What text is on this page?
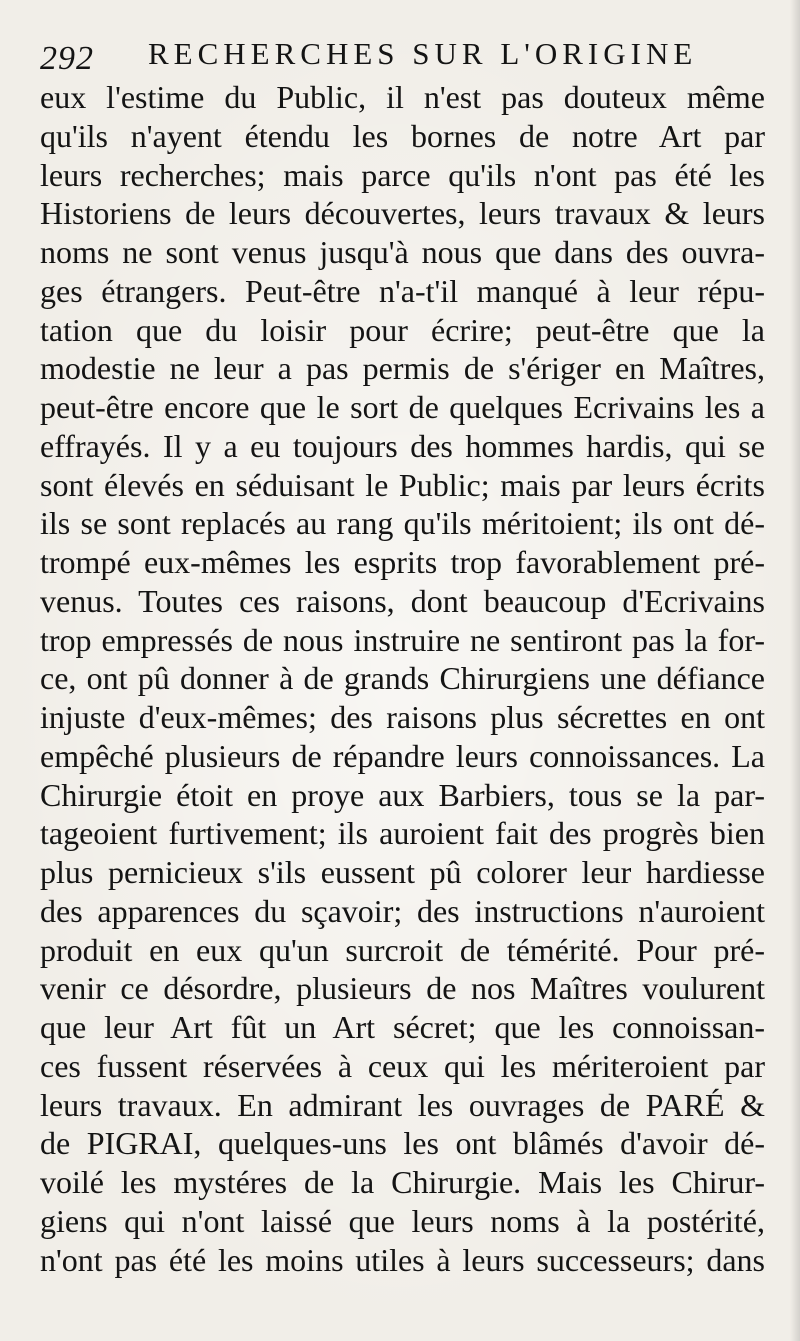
292 RECHERCHES SUR L'ORIGINE
eux l'estime du Public, il n'est pas douteux même
qu'ils n'ayent étendu les bornes de notre Art par
leurs recherches; mais parce qu'ils n'ont pas été les
Historiens de leurs découvertes, leurs travaux & leurs
noms ne sont venus jusqu'à nous que dans des ouvra-
ges étrangers. Peut-être n'a-t'il manqué à leur répu-
tation que du loisir pour écrire; peut-être que la
modestie ne leur a pas permis de s'ériger en Maîtres,
peut-être encore que le sort de quelques Ecrivains les a
effrayés. Il y a eu toujours des hommes hardis, qui se
sont élevés en séduisant le Public; mais par leurs écrits
ils se sont replacés au rang qu'ils méritoient; ils ont dé-
trompé eux-mêmes les esprits trop favorablement pré-
venus. Toutes ces raisons, dont beaucoup d'Ecrivains
trop empressés de nous instruire ne sentiront pas la for-
ce, ont pû donner à de grands Chirurgiens une défiance
injuste d'eux-mêmes; des raisons plus sécrettes en ont
empêché plusieurs de répandre leurs connoissances. La
Chirurgie étoit en proye aux Barbiers, tous se la par-
tageoient furtivement; ils auroient fait des progrès bien
plus pernicieux s'ils eussent pû colorer leur hardiesse
des apparences du sçavoir; des instructions n'auroient
produit en eux qu'un surcroit de témérité. Pour pré-
venir ce désordre, plusieurs de nos Maîtres voulurent
que leur Art fût un Art sécret; que les connoissan-
ces fussent réservées à ceux qui les mériteroient par
leurs travaux. En admirant les ouvrages de PARÉ &
de PIGRAI, quelques-uns les ont blâmés d'avoir dé-
voilé les mystéres de la Chirurgie. Mais les Chirur-
giens qui n'ont laissé que leurs noms à la postérité,
n'ont pas été les moins utiles à leurs successeurs; dans
